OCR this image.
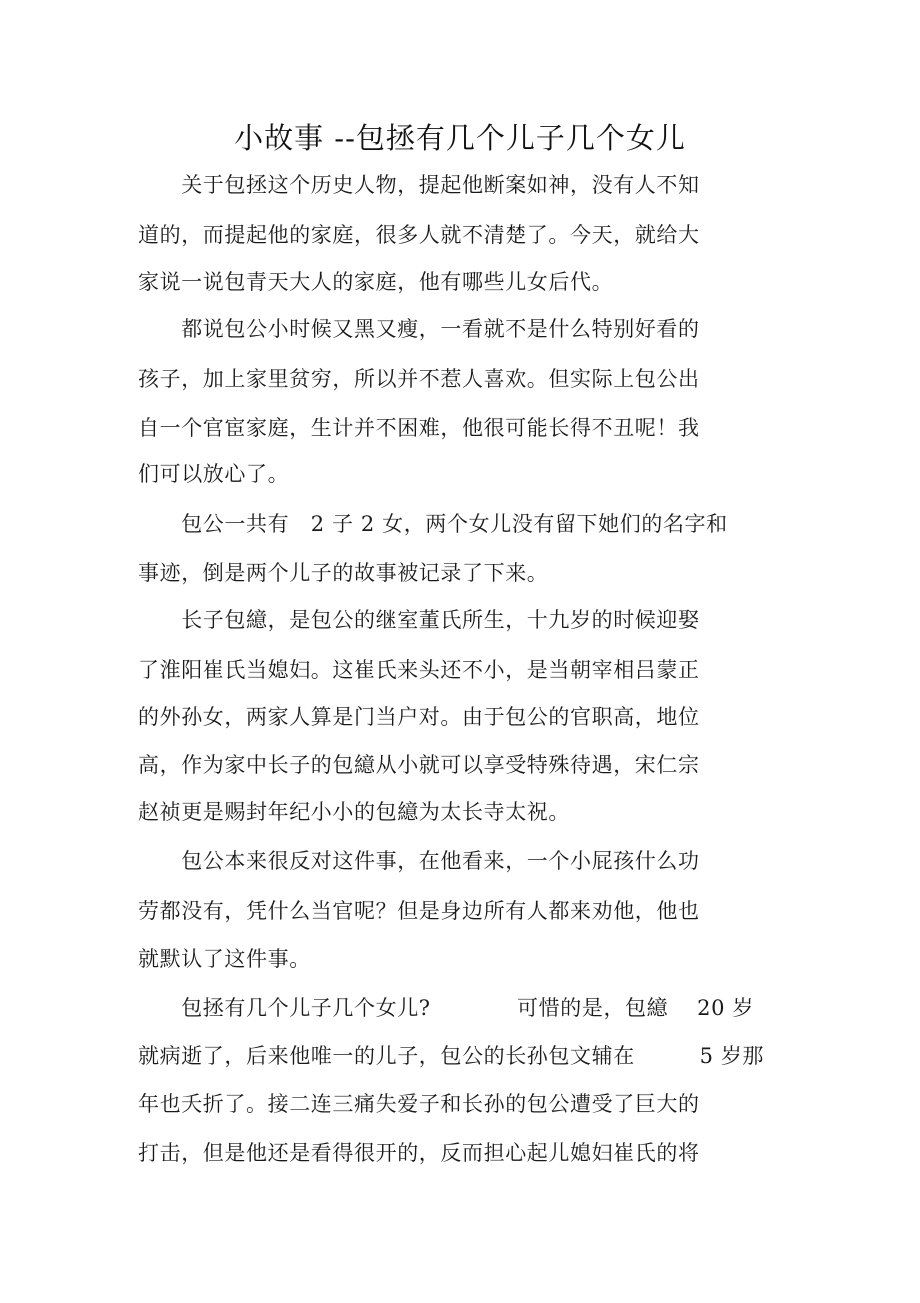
小故事 --包拯有几个儿子几个女儿
　　关于包拯这个历史人物，提起他断案如神，没有人不知
道的，而提起他的家庭，很多人就不清楚了。今天，就给大
家说一说包青天大人的家庭，他有哪些儿女后代。
　　都说包公小时候又黑又瘦，一看就不是什么特别好看的
孩子，加上家里贫穷，所以并不惹人喜欢。但实际上包公出
自一个官宦家庭，生计并不困难，他很可能长得不丑呢！我
们可以放心了。
　　包公一共有　2 子 2 女，两个女儿没有留下她们的名字和
事迹，倒是两个儿子的故事被记录了下来。
　　长子包繶，是包公的继室董氏所生，十九岁的时候迎娶
了淮阳崔氏当媳妇。这崔氏来头还不小，是当朝宰相吕蒙正
的外孙女，两家人算是门当户对。由于包公的官职高，地位
高，作为家中长子的包繶从小就可以享受特殊待遇，宋仁宗
赵祯更是赐封年纪小小的包繶为太长寺太祝。
　　包公本来很反对这件事，在他看来，一个小屁孩什么功
劳都没有，凭什么当官呢？但是身边所有人都来劝他，他也
就默认了这件事。
　　包拯有几个儿子几个女儿?　　　　可惜的是，包繶　 20 岁
就病逝了，后来他唯一的儿子，包公的长孙包文辅在　　　5 岁那
年也夭折了。接二连三痛失爱子和长孙的包公遭受了巨大的
打击，但是他还是看得很开的，反而担心起儿媳妇崔氏的将
